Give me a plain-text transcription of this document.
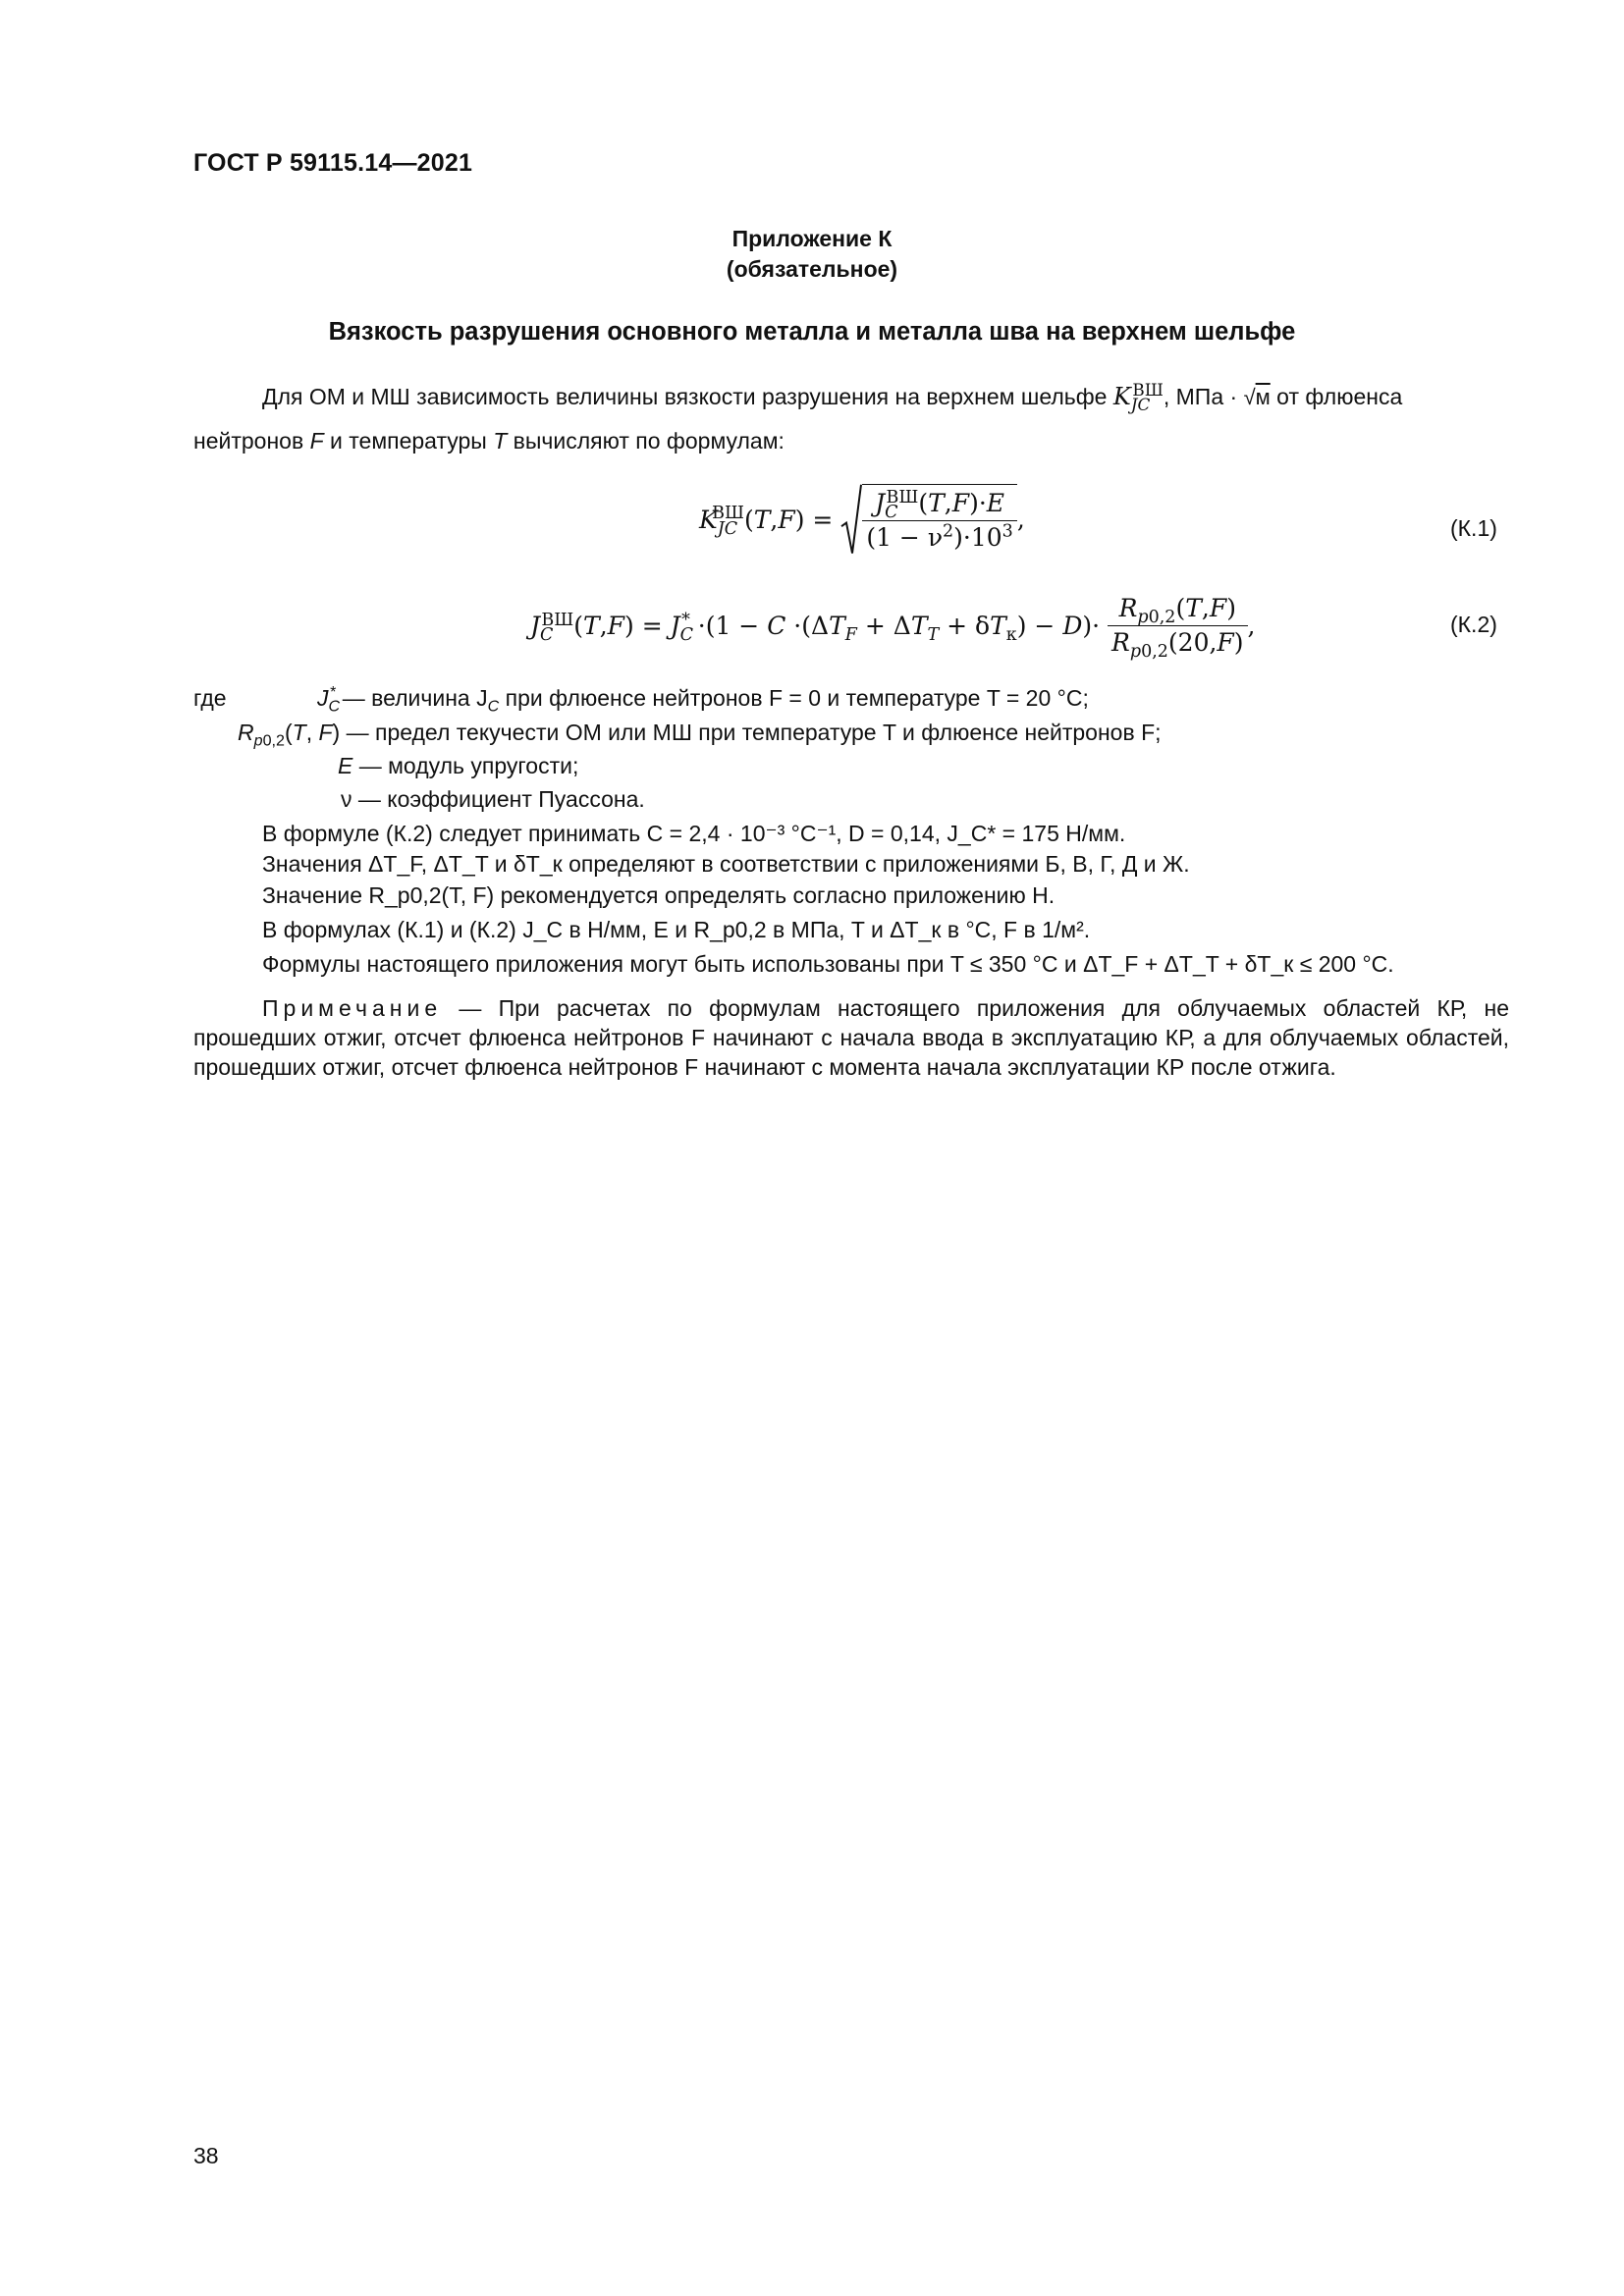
ГОСТ Р 59115.14—2021
Приложение К
(обязательное)
Вязкость разрушения основного металла и металла шва на верхнем шельфе
Для ОМ и МШ зависимость величины вязкости разрушения на верхнем шельфе $K_{JC}^{ВШ}$, МПа · √м от флюенса
нейтронов F и температуры T вычисляют по формулам:
$K_{JC}^{ВШ}(T,F) = \frac{J_C^{ВШ}(T,F)\cdot E}{(1 - \nu^2)\cdot 10^3}$ ,	(К.1)
$J_C^{ВШ}(T,F) = J_C^* \cdot(1 - C \cdot(\Delta T_F + \Delta T_T + \delta T_к) - D)\cdot \frac{R_{p0,2}(T,F)}{R_{p0,2}(20,F)}$ ,	(К.2)
где	$J_C^*$ — величина $J_C$ при флюенсе нейтронов F = 0 и температуре T = 20 °С;
$R_{p0,2}(T$, F) — предел текучести ОМ или МШ при температуре T и флюенсе нейтронов F;
E — модуль упругости;
ν — коэффициент Пуассона.
В формуле (К.2) следует принимать C = 2,4 · 10⁻³ °С⁻¹, D = 0,14, J_C* = 175 Н/мм.
Значения ΔT_F, ΔT_T и δT_к определяют в соответствии с приложениями Б, В, Г, Д и Ж.
Значение R_p0,2(T, F) рекомендуется определять согласно приложению Н.
В формулах (К.1) и (К.2) J_C в Н/мм, E и R_p0,2 в МПа, T и ΔT_к в °С, F в 1/м².
Формулы настоящего приложения могут быть использованы при T ≤ 350 °С и ΔT_F + ΔT_T + δT_к ≤ 200 °С.
Примечание — При расчетах по формулам настоящего приложения для облучаемых областей КР, не прошедших отжиг, отсчет флюенса нейтронов F начинают с начала ввода в эксплуатацию КР, а для облучаемых областей, прошедших отжиг, отсчет флюенса нейтронов F начинают с момента начала эксплуатации КР после отжига.
38
